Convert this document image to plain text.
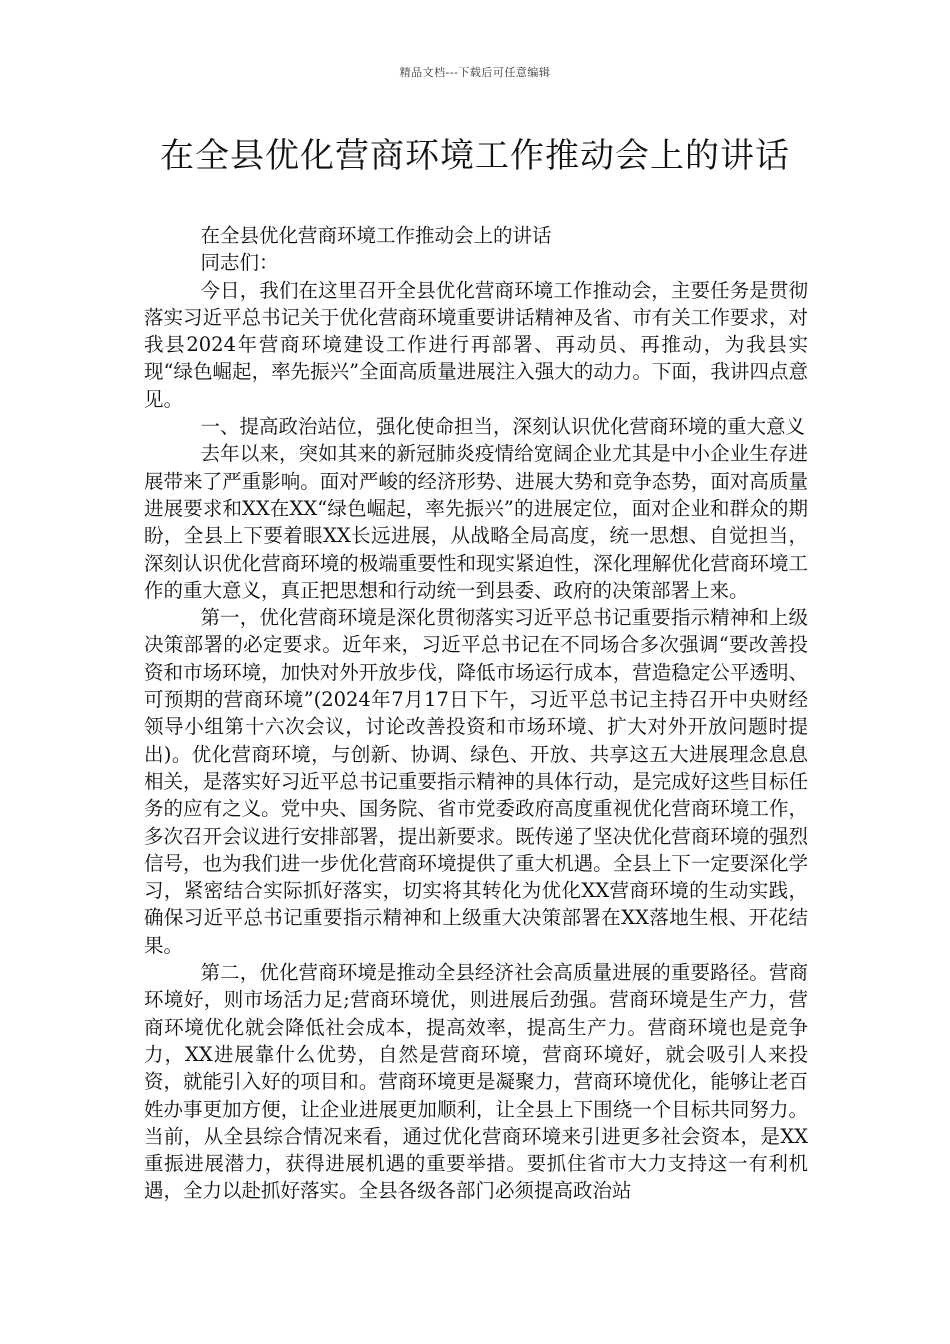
精品文档---下载后可任意编辑
在全县优化营商环境工作推动会上的讲话

在全县优化营商环境工作推动会上的讲话

同志们：

今日，我们在这里召开全县优化营商环境工作推动会，主要任务是贯彻落实习近平总书记关于优化营商环境重要讲话精神及省、市有关工作要求，对我县2024年营商环境建设工作进行再部署、再动员、再推动，为我县实现“绿色崛起，率先振兴”全面高质量进展注入强大的动力。下面，我讲四点意见。

一、提高政治站位，强化使命担当，深刻认识优化营商环境的重大意义

去年以来，突如其来的新冠肺炎疫情给宽阔企业尤其是中小企业生存进展带来了严重影响。面对严峻的经济形势、进展大势和竞争态势，面对高质量进展要求和XX在XX“绿色崛起，率先振兴”的进展定位，面对企业和群众的期盼，全县上下要着眼XX长远进展，从战略全局高度，统一思想、自觉担当，深刻认识优化营商环境的极端重要性和现实紧迫性，深化理解优化营商环境工作的重大意义，真正把思想和行动统一到县委、政府的决策部署上来。

第一，优化营商环境是深化贯彻落实习近平总书记重要指示精神和上级决策部署的必定要求。近年来，习近平总书记在不同场合多次强调“要改善投资和市场环境，加快对外开放步伐，降低市场运行成本，营造稳定公平透明、可预期的营商环境”(2024年7月17日下午，习近平总书记主持召开中央财经领导小组第十六次会议，讨论改善投资和市场环境、扩大对外开放问题时提出)。优化营商环境，与创新、协调、绿色、开放、共享这五大进展理念息息相关，是落实好习近平总书记重要指示精神的具体行动，是完成好这些目标任务的应有之义。党中央、国务院、省市党委政府高度重视优化营商环境工作，多次召开会议进行安排部署，提出新要求。既传递了坚决优化营商环境的强烈信号，也为我们进一步优化营商环境提供了重大机遇。全县上下一定要深化学习，紧密结合实际抓好落实，切实将其转化为优化XX营商环境的生动实践，确保习近平总书记重要指示精神和上级重大决策部署在XX落地生根、开花结果。

第二，优化营商环境是推动全县经济社会高质量进展的重要路径。营商环境好，则市场活力足;营商环境优，则进展后劲强。营商环境是生产力，营商环境优化就会降低社会成本，提高效率，提高生产力。营商环境也是竞争力，XX进展靠什么优势，自然是营商环境，营商环境好，就会吸引人来投资，就能引入好的项目和。营商环境更是凝聚力，营商环境优化，能够让老百姓办事更加方便，让企业进展更加顺利，让全县上下围绕一个目标共同努力。当前，从全县综合情况来看，通过优化营商环境来引进更多社会资本，是XX重振进展潜力，获得进展机遇的重要举措。要抓住省市大力支持这一有利机遇，全力以赴抓好落实。全县各级各部门必须提高政治站
